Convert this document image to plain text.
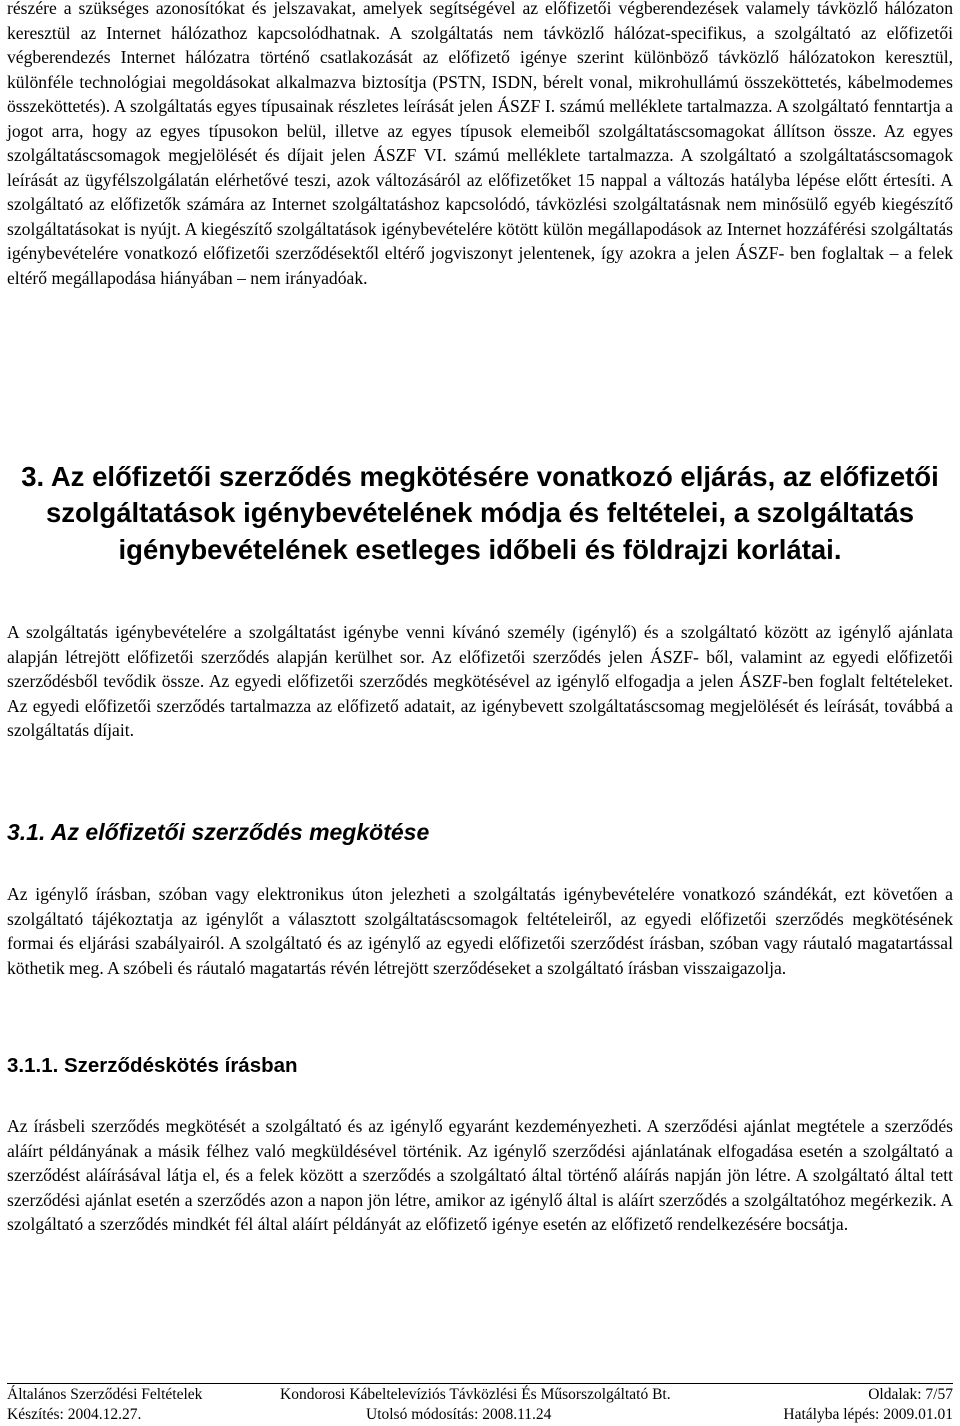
részére a szükséges azonosítókat és jelszavakat, amelyek segítségével az előfizetői végberendezések valamely távközlő hálózaton keresztül az Internet hálózathoz kapcsolódhatnak. A szolgáltatás nem távközlő hálózat-specifikus, a szolgáltató az előfizetői végberendezés Internet hálózatra történő csatlakozását az előfizető igénye szerint különböző távközlő hálózatokon keresztül, különféle technológiai megoldásokat alkalmazva biztosítja (PSTN, ISDN, bérelt vonal, mikrohullámú összeköttetés, kábelmodemes összeköttetés). A szolgáltatás egyes típusainak részletes leírását jelen ÁSZF I. számú melléklete tartalmazza. A szolgáltató fenntartja a jogot arra, hogy az egyes típusokon belül, illetve az egyes típusok elemeiből szolgáltatáscsomagokat állítson össze. Az egyes szolgáltatáscsomagok megjelölését és díjait jelen ÁSZF VI. számú melléklete tartalmazza. A szolgáltató a szolgáltatáscsomagok leírását az ügyfélszolgálatán elérhetővé teszi, azok változásáról az előfizetőket 15 nappal a változás hatályba lépése előtt értesíti. A szolgáltató az előfizetők számára az Internet szolgáltatáshoz kapcsolódó, távközlési szolgáltatásnak nem minősülő egyéb kiegészítő szolgáltatásokat is nyújt. A kiegészítő szolgáltatások igénybevételére kötött külön megállapodások az Internet hozzáférési szolgáltatás igénybevételére vonatkozó előfizetői szerződésektől eltérő jogviszonyt jelentenek, így azokra a jelen ÁSZF- ben foglaltak – a felek eltérő megállapodása hiányában – nem irányadóak.

3. Az előfizetői szerződés megkötésére vonatkozó eljárás, az előfizetői szolgáltatások igénybevételének módja és feltételei, a szolgáltatás igénybevételének esetleges időbeli és földrajzi korlátai.

A szolgáltatás igénybevételére a szolgáltatást igénybe venni kívánó személy (igénylő) és a szolgáltató között az igénylő ajánlata alapján létrejött előfizetői szerződés alapján kerülhet sor. Az előfizetői szerződés jelen ÁSZF- ből, valamint az egyedi előfizetői szerződésből tevődik össze. Az egyedi előfizetői szerződés megkötésével az igénylő elfogadja a jelen ÁSZF-ben foglalt feltételeket. Az egyedi előfizetői szerződés tartalmazza az előfizető adatait, az igénybevett szolgáltatáscsomag megjelölését és leírását, továbbá a szolgáltatás díjait.

3.1. Az előfizetői szerződés megkötése

Az igénylő írásban, szóban vagy elektronikus úton jelezheti a szolgáltatás igénybevételére vonatkozó szándékát, ezt követően a szolgáltató tájékoztatja az igénylőt a választott szolgáltatáscsomagok feltételeiről, az egyedi előfizetői szerződés megkötésének formai és eljárási szabályairól. A szolgáltató és az igénylő az egyedi előfizetői szerződést írásban, szóban vagy ráutaló magatartással köthetik meg. A szóbeli és ráutaló magatartás révén létrejött szerződéseket a szolgáltató írásban visszaigazolja.

3.1.1. Szerződéskötés írásban

Az írásbeli szerződés megkötését a szolgáltató és az igénylő egyaránt kezdeményezheti. A szerződési ajánlat megtétele a szerződés aláírt példányának a másik félhez való megküldésével történik. Az igénylő szerződési ajánlatának elfogadása esetén a szolgáltató a szerződést aláírásával látja el, és a felek között a szerződés a szolgáltató által történő aláírás napján jön létre. A szolgáltató által tett szerződési ajánlat esetén a szerződés azon a napon jön létre, amikor az igénylő által is aláírt szerződés a szolgáltatóhoz megérkezik. A szolgáltató a szerződés mindkét fél által aláírt példányát az előfizető igénye esetén az előfizető rendelkezésére bocsátja.

Általános Szerződési Feltételek	Kondorosi Kábeltelevíziós Távközlési És Műsorszolgáltató Bt.	Oldalak: 7/57
Készítés: 2004.12.27.	Utolsó módosítás: 2008.11.24	Hatályba lépés: 2009.01.01
